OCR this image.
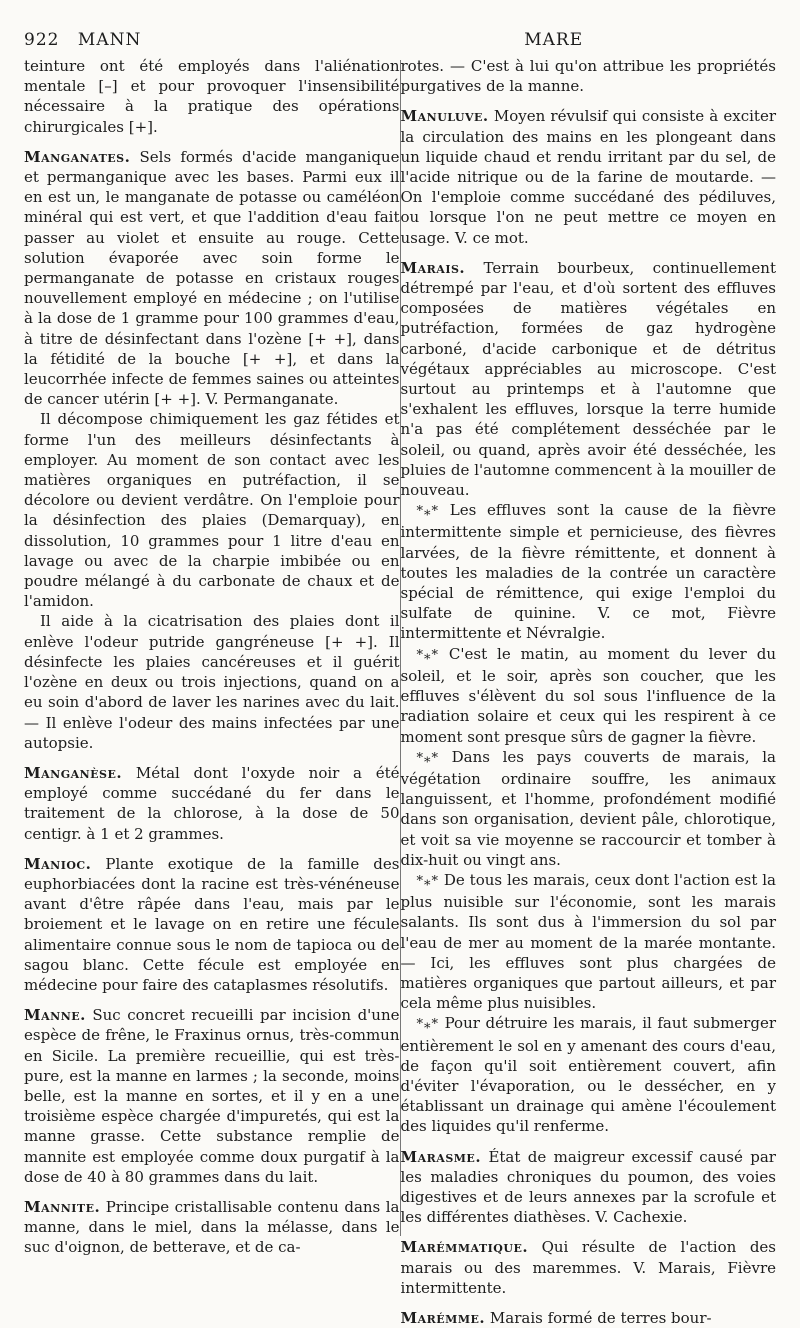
922	MANN	MARE

teinture ont été employés dans l'aliénation mentale [–] et pour provoquer l'insensibilité nécessaire à la pratique des opérations chirurgicales [+].

Manganates. Sels formés d'acide manganique et permanganique avec les bases. Parmi eux il en est un, le manganate de potasse ou caméléon minéral qui est vert, et que l'addition d'eau fait passer au violet et ensuite au rouge. Cette solution évaporée avec soin forme le permanganate de potasse en cristaux rouges nouvellement employé en médecine ; on l'utilise à la dose de 1 gramme pour 100 grammes d'eau, à titre de désinfectant dans l'ozène [+ +], dans la fétidité de la bouche [+ +], et dans la leucorrhée infecte de femmes saines ou atteintes de cancer utérin [+ +]. V. Permanganate.

Il décompose chimiquement les gaz fétides et forme l'un des meilleurs désinfectants à employer. Au moment de son contact avec les matières organiques en putréfaction, il se décolore ou devient verdâtre. On l'emploie pour la désinfection des plaies (Demarquay), en dissolution, 10 grammes pour 1 litre d'eau en lavage ou avec de la charpie imbibée ou en poudre mélangé à du carbonate de chaux et de l'amidon.

Il aide à la cicatrisation des plaies dont il enlève l'odeur putride gangréneuse [+ +]. Il désinfecte les plaies cancéreuses et il guérit l'ozène en deux ou trois injections, quand on a eu soin d'abord de laver les narines avec du lait. — Il enlève l'odeur des mains infectées par une autopsie.

Manganèse. Métal dont l'oxyde noir a été employé comme succédané du fer dans le traitement de la chlorose, à la dose de 50 centigr. à 1 et 2 grammes.

Manioc. Plante exotique de la famille des euphorbiacées dont la racine est très-vénéneuse avant d'être râpée dans l'eau, mais par le broiement et le lavage on en retire une fécule alimentaire connue sous le nom de tapioca ou de sagou blanc. Cette fécule est employée en médecine pour faire des cataplasmes résolutifs.

Manne. Suc concret recueilli par incision d'une espèce de frêne, le Fraxinus ornus, très-commun en Sicile. La première recueillie, qui est très-pure, est la manne en larmes ; la seconde, moins belle, est la manne en sortes, et il y en a une troisième espèce chargée d'impuretés, qui est la manne grasse. Cette substance remplie de mannite est employée comme doux purgatif à la dose de 40 à 80 grammes dans du lait.

Mannite. Principe cristallisable contenu dans la manne, dans le miel, dans la mélasse, dans le suc d'oignon, de betterave, et de ca-

rotes. — C'est à lui qu'on attribue les propriétés purgatives de la manne.

Manuluve. Moyen révulsif qui consiste à exciter la circulation des mains en les plongeant dans un liquide chaud et rendu irritant par du sel, de l'acide nitrique ou de la farine de moutarde. — On l'emploie comme succédané des pédiluves, ou lorsque l'on ne peut mettre ce moyen en usage. V. ce mot.

Marais. Terrain bourbeux, continuellement détrempé par l'eau, et d'où sortent des effluves composées de matières végétales en putréfaction, formées de gaz hydrogène carboné, d'acide carbonique et de détritus végétaux appréciables au microscope. C'est surtout au printemps et à l'automne que s'exhalent les effluves, lorsque la terre humide n'a pas été complétement desséchée par le soleil, ou quand, après avoir été desséchée, les pluies de l'automne commencent à la mouiller de nouveau.

*⁎* Les effluves sont la cause de la fièvre intermittente simple et pernicieuse, des fièvres larvées, de la fièvre rémittente, et donnent à toutes les maladies de la contrée un caractère spécial de rémittence, qui exige l'emploi du sulfate de quinine. V. ce mot, Fièvre intermittente et Névralgie.

*⁎* C'est le matin, au moment du lever du soleil, et le soir, après son coucher, que les effluves s'élèvent du sol sous l'influence de la radiation solaire et ceux qui les respirent à ce moment sont presque sûrs de gagner la fièvre.

*⁎* Dans les pays couverts de marais, la végétation ordinaire souffre, les animaux languissent, et l'homme, profondément modifié dans son organisation, devient pâle, chlorotique, et voit sa vie moyenne se raccourcir et tomber à dix-huit ou vingt ans.

*⁎* De tous les marais, ceux dont l'action est la plus nuisible sur l'économie, sont les marais salants. Ils sont dus à l'immersion du sol par l'eau de mer au moment de la marée montante. — Ici, les effluves sont plus chargées de matières organiques que partout ailleurs, et par cela même plus nuisibles.

*⁎* Pour détruire les marais, il faut submerger entièrement le sol en y amenant des cours d'eau, de façon qu'il soit entièrement couvert, afin d'éviter l'évaporation, ou le dessécher, en y établissant un drainage qui amène l'écoulement des liquides qu'il renferme.

Marasme. État de maigreur excessif causé par les maladies chroniques du poumon, des voies digestives et de leurs annexes par la scrofule et les différentes diathèses. V. Cachexie.

Marémmatique. Qui résulte de l'action des marais ou des maremmes. V. Marais, Fièvre intermittente.

Marémme. Marais formé de terres bour-
